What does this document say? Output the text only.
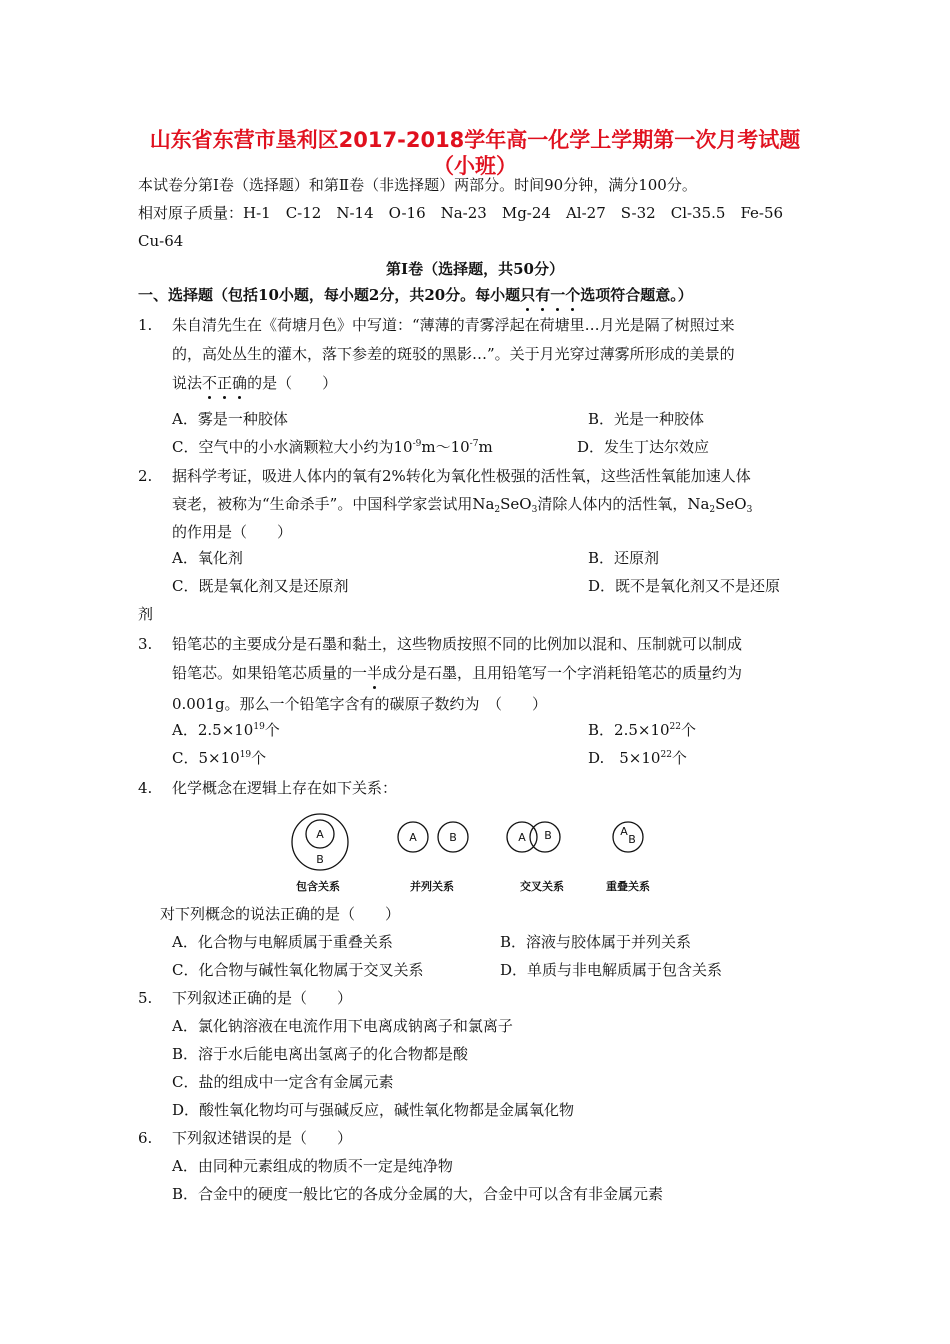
山东省东营市垦利区2017-2018学年高一化学上学期第一次月考试题
（小班）
本试卷分第Ⅰ卷（选择题）和第Ⅱ卷（非选择题）两部分。时间90分钟，满分100分。
相对原子质量：H-1　C-12　N-14　O-16　Na-23　Mg-24　Al-27　S-32　Cl-35.5　Fe-56
Cu-64
第Ⅰ卷（选择题，共50分）
一、选择题（包括10小题，每小题2分，共20分。每小题只有一个选项符合题意。）
1. 朱自清先生在《荷塘月色》中写道：“薄薄的青雾浮起在荷塘里…月光是隔了树照过来
的，高处丛生的灌木，落下参差的斑驳的黑影…”。关于月光穿过薄雾所形成的美景的
说法不正确的是（　　）
A．雾是一种胶体	B．光是一种胶体
C．空气中的小水滴颗粒大小约为$10^{-9}m\sim 10^{-7}m$	D．发生丁达尔效应
2. 据科学考证，吸进人体内的氧有2%转化为氧化性极强的活性氧，这些活性氧能加速人体
衰老，被称为“生命杀手”。中国科学家尝试用$Na_2SeO_3$清除人体内的活性氧，$Na_2SeO_3$
的作用是（　　）
A．氧化剂	B．还原剂
C．既是氧化剂又是还原剂	D．既不是氧化剂又不是还原
剂
3. 铅笔芯的主要成分是石墨和黏土，这些物质按照不同的比例加以混和、压制就可以制成
铅笔芯。如果铅笔芯质量的一半成分是石墨，且用铅笔写一个字消耗铅笔芯的质量约为
0.001g。那么一个铅笔字含有的碳原子数约为　（　　）
A．$2.5\times 10^{19}$个	B．$2.5\times 10^{22}$个
C．$5\times 10^{19}$个	D.　$5\times 10^{22}$个
4. 化学概念在逻辑上存在如下关系：
A
B
A	B	A B	A
B
包含关系	并列关系	交叉关系	重叠关系
对下列概念的说法正确的是（　　）
A．化合物与电解质属于重叠关系	B．溶液与胶体属于并列关系
C．化合物与碱性氧化物属于交叉关系	D．单质与非电解质属于包含关系
5. 下列叙述正确的是（　　）
A．氯化钠溶液在电流作用下电离成钠离子和氯离子
B．溶于水后能电离出氢离子的化合物都是酸
C．盐的组成中一定含有金属元素
D．酸性氧化物均可与强碱反应，碱性氧化物都是金属氧化物
6. 下列叙述错误的是（　　）
A．由同种元素组成的物质不一定是纯净物
B．合金中的硬度一般比它的各成分金属的大，合金中可以含有非金属元素
